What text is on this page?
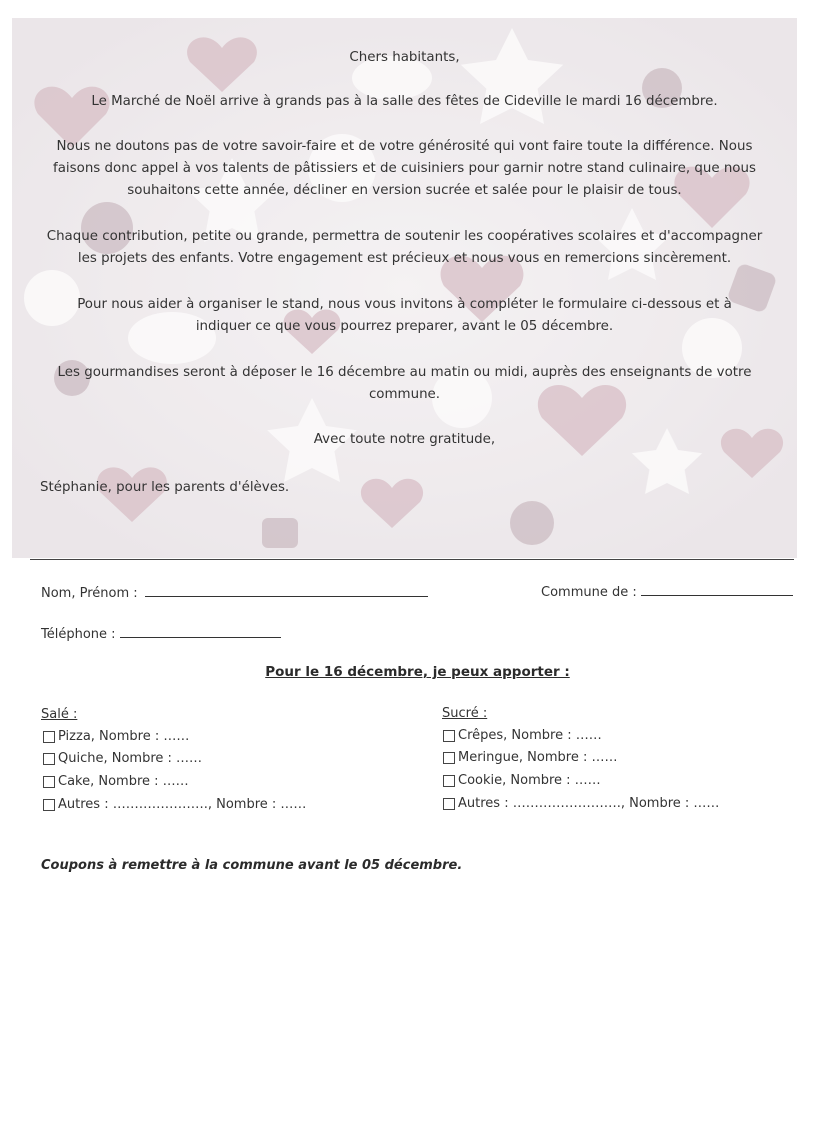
Chers habitants,
Le Marché de Noël arrive à grands pas à la salle des fêtes de Cideville le mardi 16 décembre.
Nous ne doutons pas de votre savoir-faire et de votre générosité qui vont faire toute la différence. Nous
faisons donc appel à vos talents de pâtissiers et de cuisiniers pour garnir notre stand culinaire, que nous
souhaitons cette année, décliner en version sucrée et salée pour le plaisir de tous.
Chaque contribution, petite ou grande, permettra de soutenir les coopératives scolaires et d'accompagner
les projets des enfants. Votre engagement est précieux et nous vous en remercions sincèrement.
Pour nous aider à organiser le stand, nous vous invitons à compléter le formulaire ci-dessous et à
indiquer ce que vous pourrez preparer, avant le 05 décembre.
Les gourmandises seront à déposer le 16 décembre au matin ou midi, auprès des enseignants de votre
commune.
Avec toute notre gratitude,
Stéphanie, pour les parents d'élèves.
Nom, Prénom :	Commune de :
Téléphone :
Pour le 16 décembre, je peux apporter :
Salé :
Pizza, Nombre : ……
Quiche, Nombre : ……
Cake, Nombre : ……
Autres : …………………., Nombre : ……
Sucré :
Crêpes, Nombre : ……
Meringue, Nombre : ……
Cookie, Nombre : ……
Autres : ……………………., Nombre : ……
Coupons à remettre à la commune avant le 05 décembre.
